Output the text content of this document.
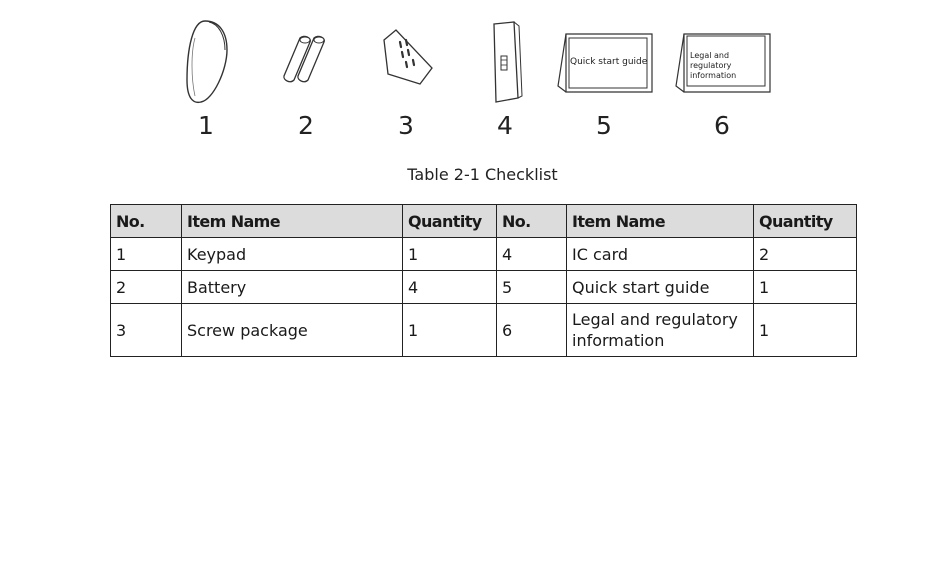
1	2	3	4
Quick start guide
5
Legal and regulatory information
6
Table 2-1 Checklist
No.	Item Name	Quantity	No.	Item Name	Quantity
1	Keypad	1	4	IC card	2
2	Battery	4	5	Quick start guide	1
3	Screw package	1	6	Legal and regulatory information	1
